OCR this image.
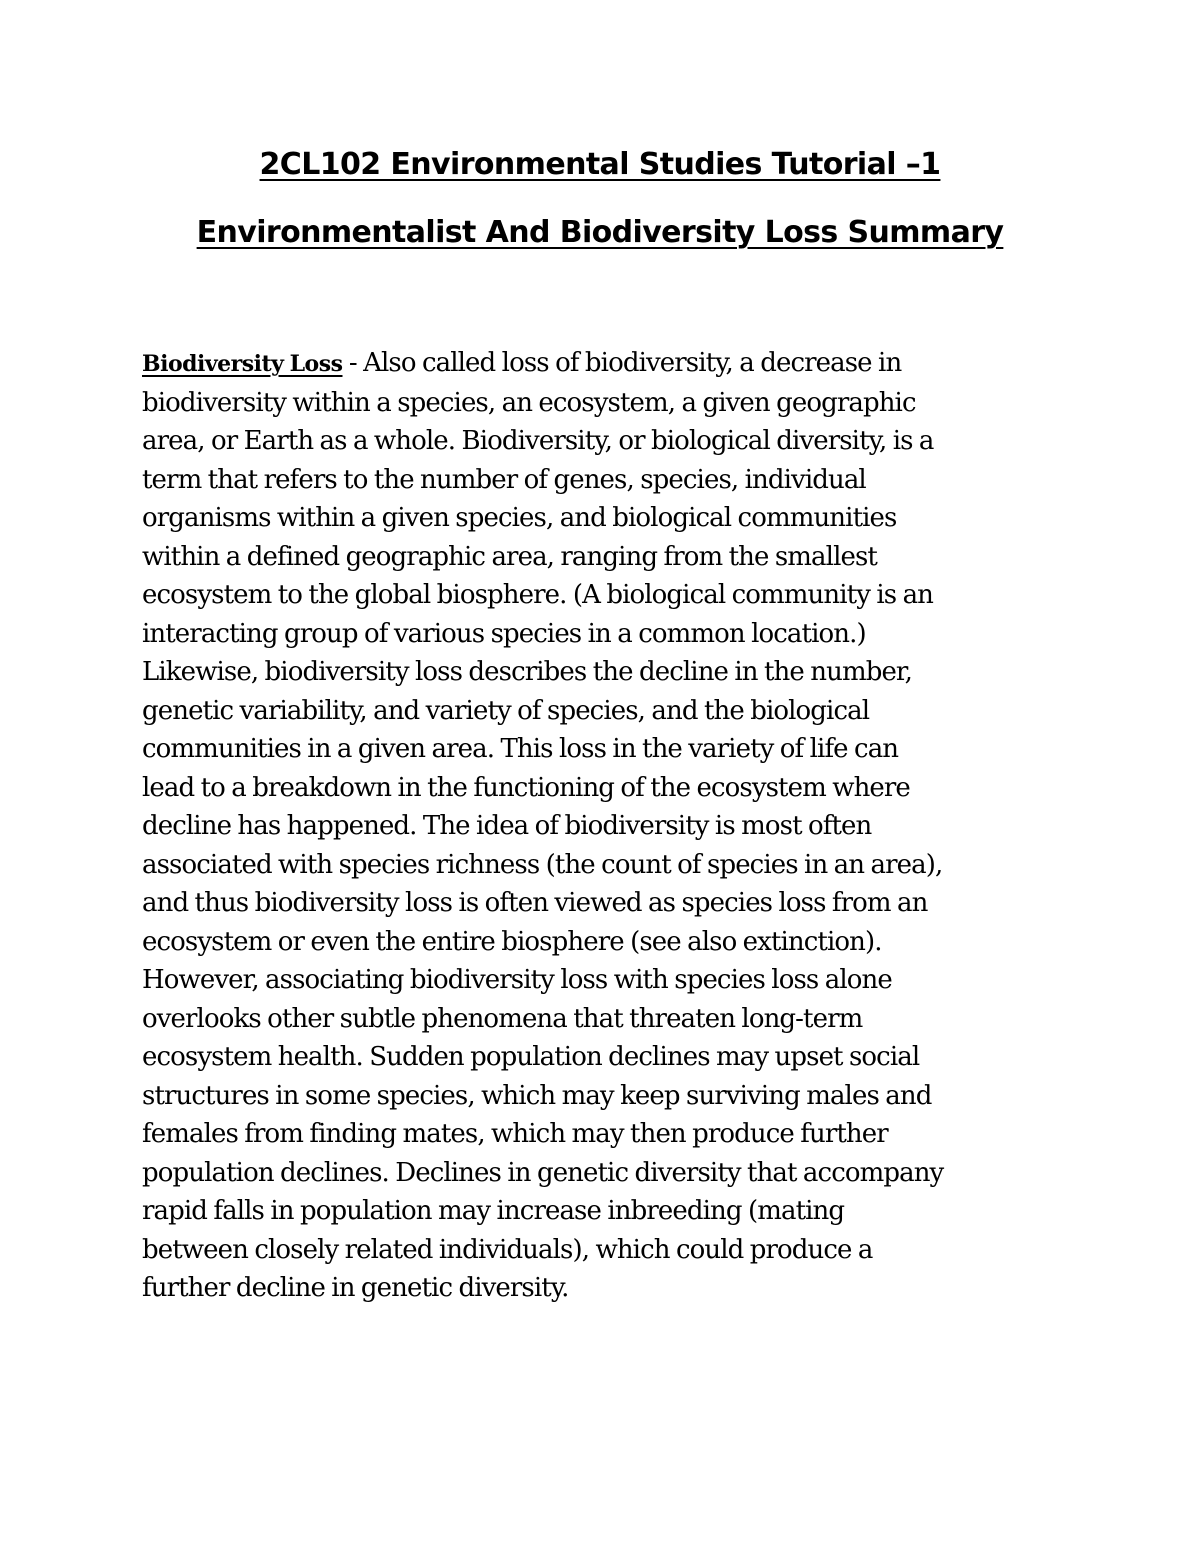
2CL102 Environmental Studies Tutorial –1
Environmentalist And Biodiversity Loss Summary
Biodiversity Loss - Also called loss of biodiversity, a decrease in
biodiversity within a species, an ecosystem, a given geographic
area, or Earth as a whole. Biodiversity, or biological diversity, is a
term that refers to the number of genes, species, individual
organisms within a given species, and biological communities
within a defined geographic area, ranging from the smallest
ecosystem to the global biosphere. (A biological community is an
interacting group of various species in a common location.)
Likewise, biodiversity loss describes the decline in the number,
genetic variability, and variety of species, and the biological
communities in a given area. This loss in the variety of life can
lead to a breakdown in the functioning of the ecosystem where
decline has happened. The idea of biodiversity is most often
associated with species richness (the count of species in an area),
and thus biodiversity loss is often viewed as species loss from an
ecosystem or even the entire biosphere (see also extinction).
However, associating biodiversity loss with species loss alone
overlooks other subtle phenomena that threaten long-term
ecosystem health. Sudden population declines may upset social
structures in some species, which may keep surviving males and
females from finding mates, which may then produce further
population declines. Declines in genetic diversity that accompany
rapid falls in population may increase inbreeding (mating
between closely related individuals), which could produce a
further decline in genetic diversity.
